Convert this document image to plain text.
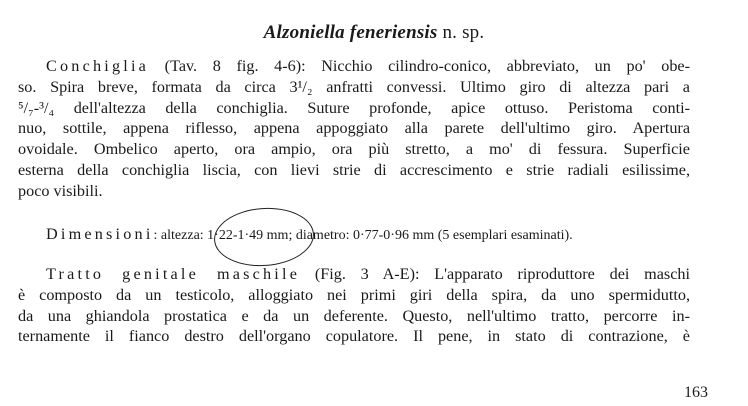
Alzoniella feneriensis n. sp.
Conchiglia (Tav. 8 fig. 4-6): Nicchio cilindro-conico, abbreviato, un po' obe-
so. Spira breve, formata da circa 3¹/₂ anfratti convessi. Ultimo giro di altezza pari a
⁵/₇-³/₄ dell'altezza della conchiglia. Suture profonde, apice ottuso. Peristoma conti-
nuo, sottile, appena riflesso, appena appoggiato alla parete dell'ultimo giro. Apertura
ovoidale. Ombelico aperto, ora ampio, ora più stretto, a mo' di fessura. Superficie
esterna della conchiglia liscia, con lievi strie di accrescimento e strie radiali esilissime,
poco visibili.
Dimensioni: altezza: 1·22-1·49 mm; diametro: 0·77-0·96 mm (5 esemplari esaminati).
Tratto genitale maschile (Fig. 3 A-E): L'apparato riproduttore dei maschi
è composto da un testicolo, alloggiato nei primi giri della spira, da uno spermidutto,
da una ghiandola prostatica e da un deferente. Questo, nell'ultimo tratto, percorre in-
ternamente il fianco destro dell'organo copulatore. Il pene, in stato di contrazione, è
163
